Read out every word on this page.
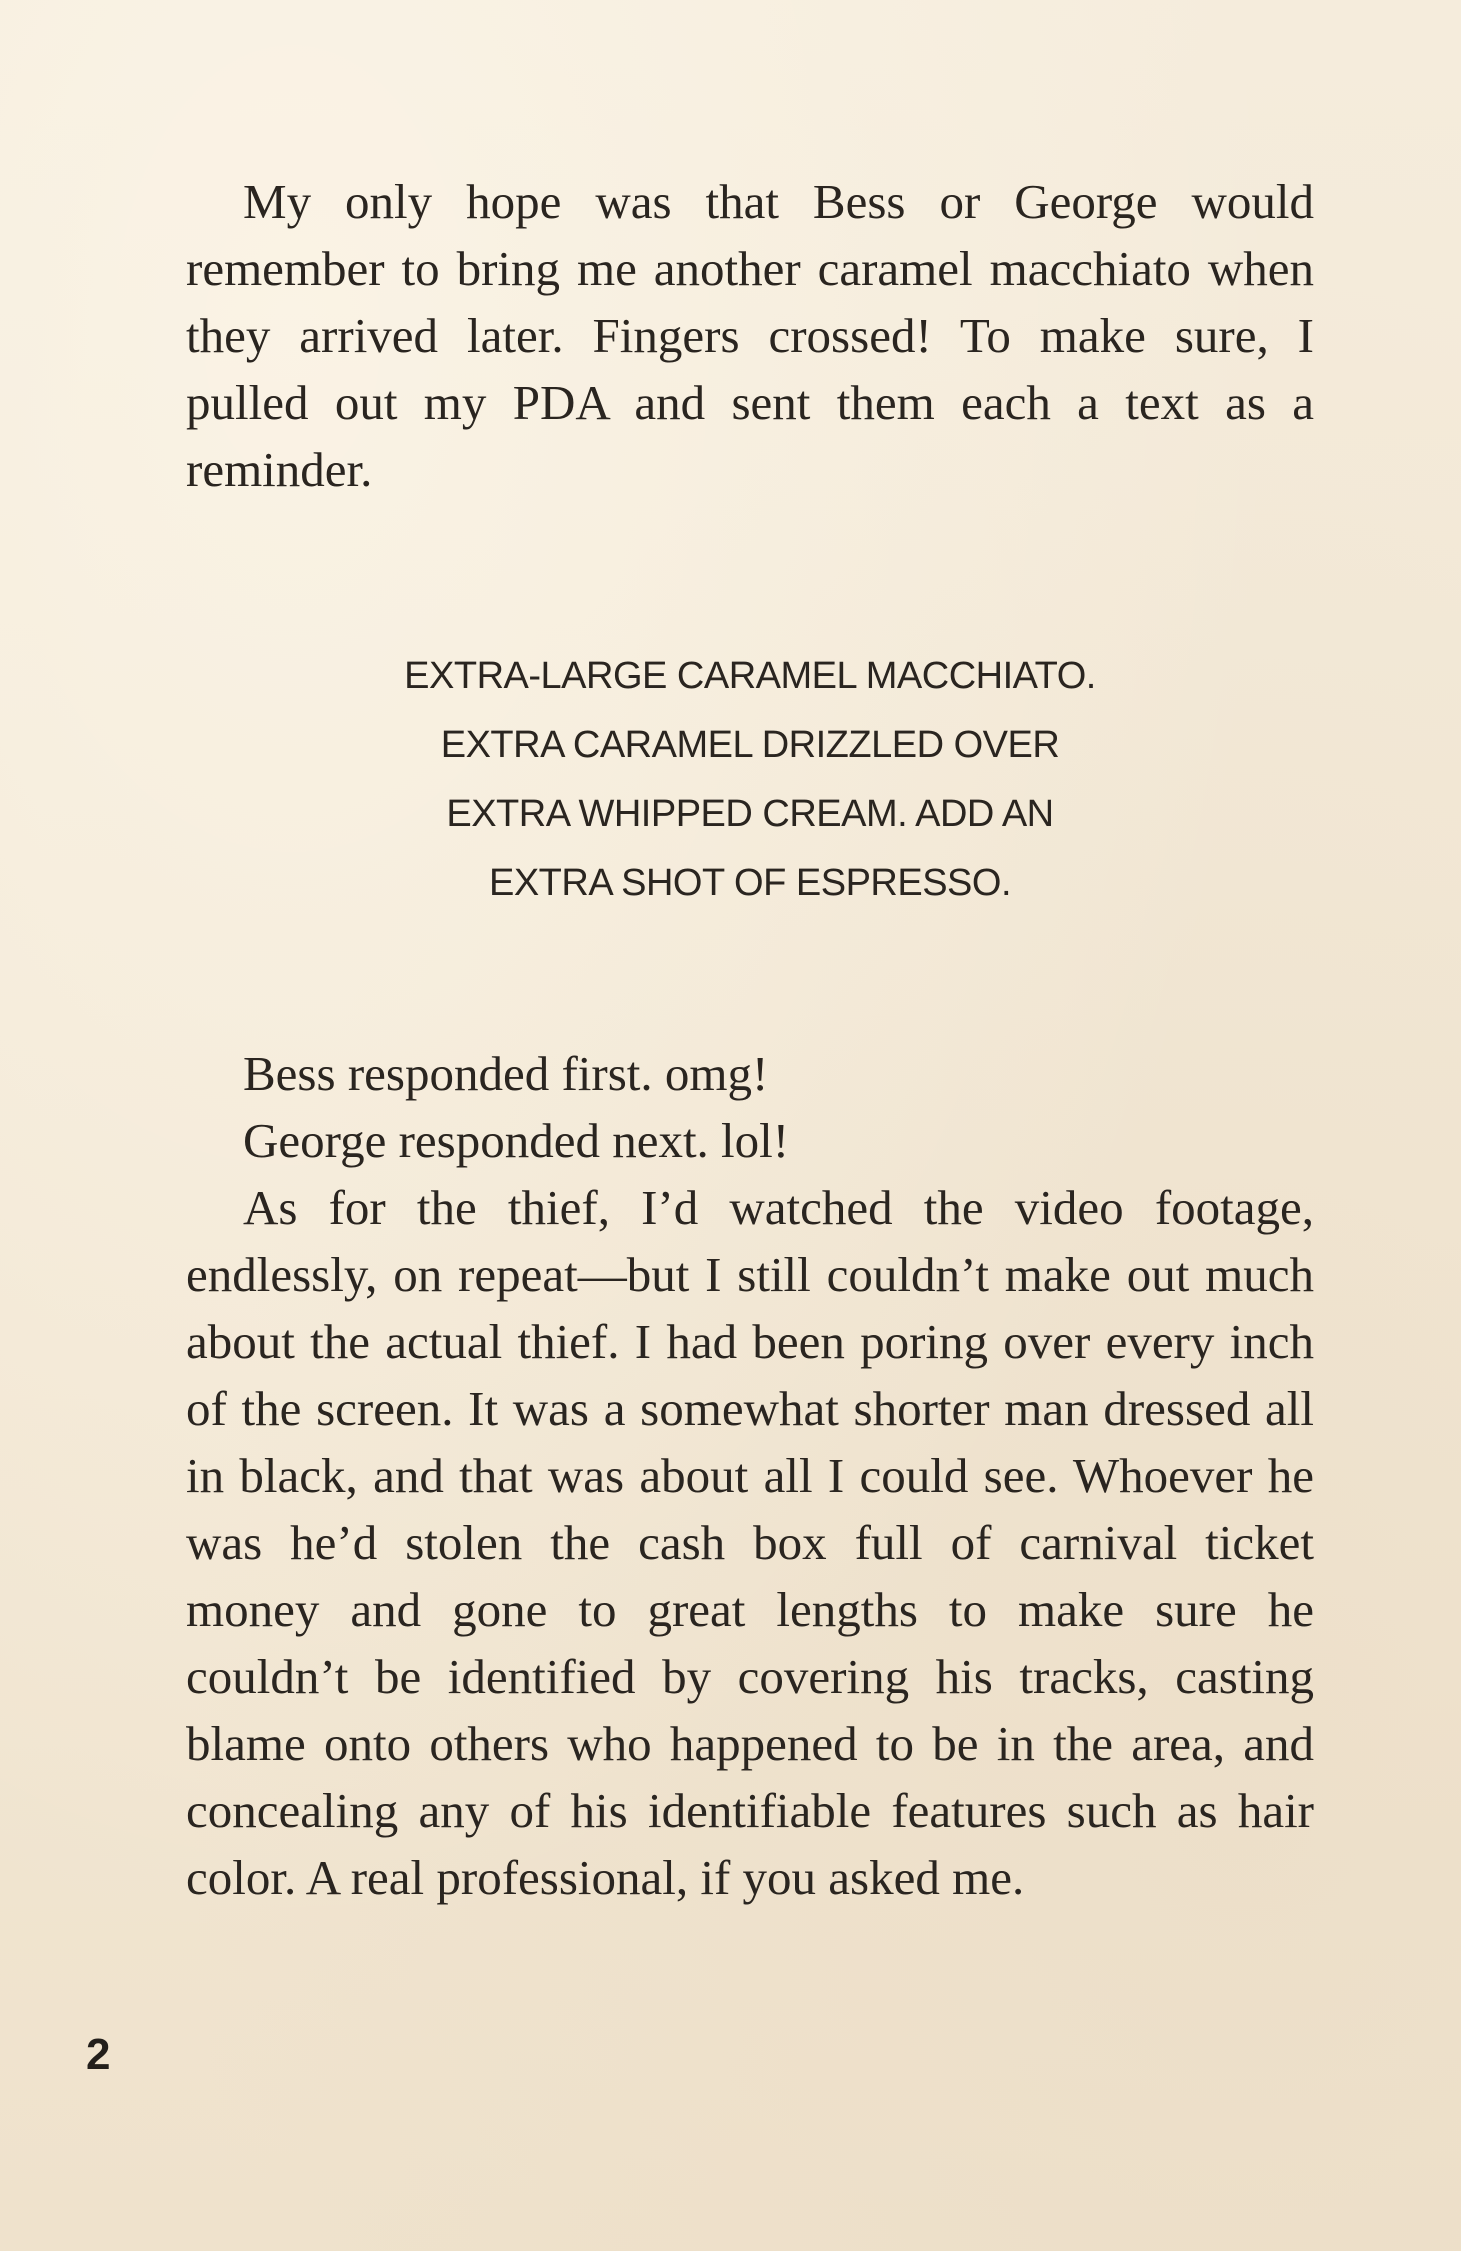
My only hope was that Bess or George would remember to bring me another caramel macchiato when they arrived later. Fingers crossed! To make sure, I pulled out my PDA and sent them each a text as a reminder.

EXTRA-LARGE CARAMEL MACCHIATO.
EXTRA CARAMEL DRIZZLED OVER
EXTRA WHIPPED CREAM. ADD AN
EXTRA SHOT OF ESPRESSO.

Bess responded first. omg!

George responded next. lol!

As for the thief, I’d watched the video footage, endlessly, on repeat—but I still couldn’t make out much about the actual thief. I had been poring over every inch of the screen. It was a somewhat shorter man dressed all in black, and that was about all I could see. Whoever he was he’d stolen the cash box full of carnival ticket money and gone to great lengths to make sure he couldn’t be identified by covering his tracks, casting blame onto others who happened to be in the area, and concealing any of his identifiable features such as hair color. A real professional, if you asked me.

2
